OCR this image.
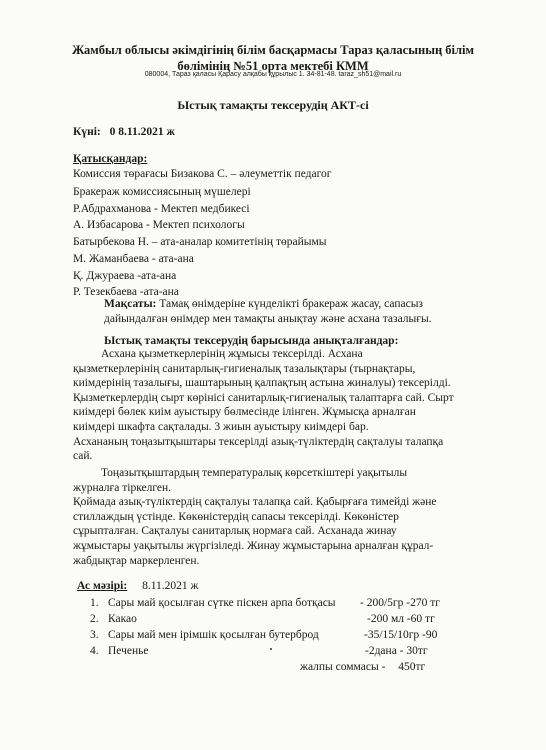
Жамбыл облысы әкімдігінің білім басқармасы Тараз қаласының білім
бөлімінің №51 орта мектебі КММ
080004, Тараз қаласы Қарасу алқабы құрылыс 1. 34-81-48. taraz_sh51@mail.ru
Ыстық тамақты тексерудің АКТ-сі
Күні: 0 8.11.2021 ж
Қатысқандар:
Комиссия төрағасы Бизакова С. – әлеуметтік педагог
Бракераж комиссиясының мүшелері
Р.Абдрахманова - Мектеп медбикесі
А. Избасарова - Мектеп психологы
Батырбекова Н. – ата-аналар комитетінің төрайымы
М. Жаманбаева - ата-ана
Қ. Джураева -ата-ана
Р. Тезекбаева -ата-ана
Мақсаты: Тамақ өнімдеріне күнделікті бракераж жасау, сапасыз
дайындалған өнімдер мен тамақты анықтау және асхана тазалығы.
Ыстық тамақты тексерудің барысында анықталғандар:
Асхана қызметкерлерінің жұмысы тексерілді. Асхана
қызметкерлерінің санитарлық-гигиеналық тазалықтары (тырнақтары,
киімдерінің тазалығы, шаштарының қалпақтың астына жиналуы) тексерілді.
Қызметкерлердің сырт көрінісі санитарлық-гигиеналық талаптарға сай. Сырт
киімдері бөлек киім ауыстыру бөлмесінде ілінген. Жұмысқа арналған
киімдері шкафта сақталады. 3 жиын ауыстыру киімдері бар.
Асхананың тоңазытқыштары тексерілді азық-түліктердің сақталуы талапқа
сай.
Тоңазытқыштардың температуралық көрсеткіштері уақытылы
журналға тіркелген.
Қоймада азық-түліктердің сақталуы талапқа сай. Қабырғаға тимейді және
стиллаждың үстінде. Көкөністердің сапасы тексерілді. Көкөністер
сұрыпталған. Сақталуы санитарлық нормаға сай. Асханада жинау
жұмыстары уақытылы жүргізіледі. Жинау жұмыстарына арналған құрал-
жабдықтар маркерленген.
Ас мәзірі: 8.11.2021 ж
1. Сары май қосылған сүтке піскен арпа ботқасы - 200/5гр -270 тг
2. Какао	-200 мл -60 тг
3. Сары май мен ірімшік қосылған бутерброд	-35/15/10гр -90
4. Печенье	-2дана - 30тг
жалпы соммасы - 450тг
